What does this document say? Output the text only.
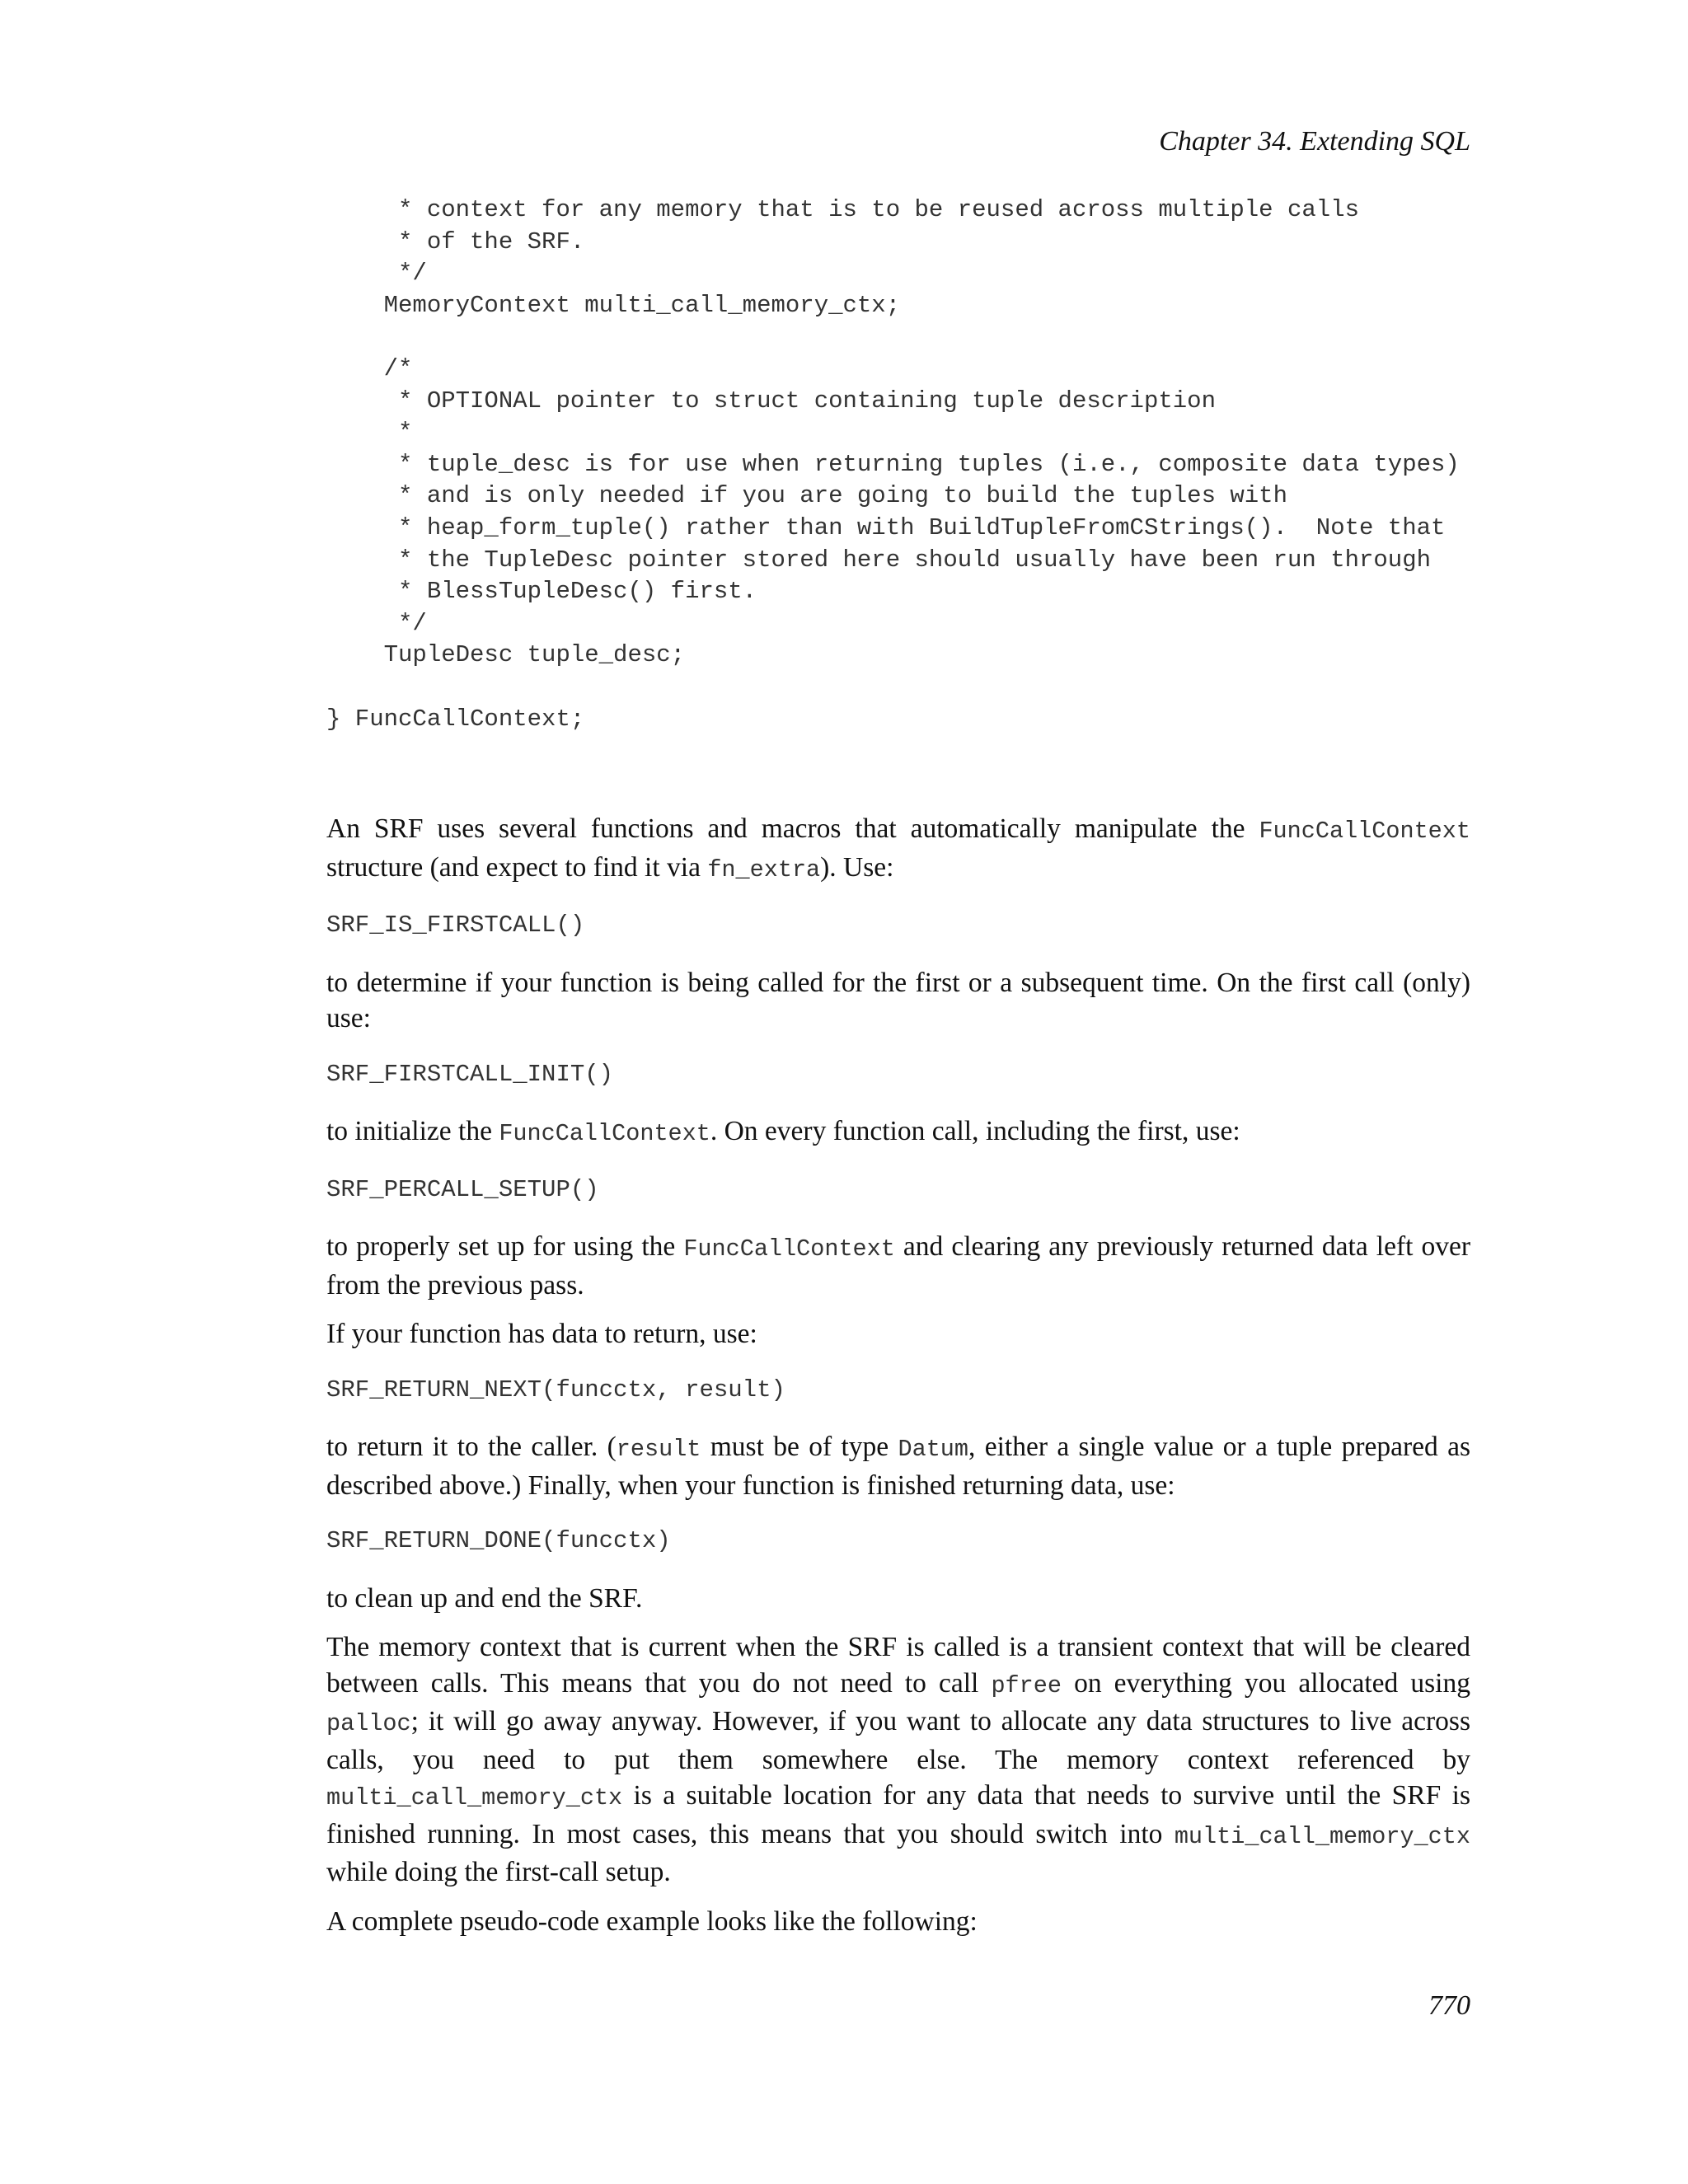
Chapter 34. Extending SQL
* context for any memory that is to be reused across multiple calls
* of the SRF.
*/
MemoryContext multi_call_memory_ctx;

/*
* OPTIONAL pointer to struct containing tuple description
*
* tuple_desc is for use when returning tuples (i.e., composite data types)
* and is only needed if you are going to build the tuples with
* heap_form_tuple() rather than with BuildTupleFromCStrings().  Note that
* the TupleDesc pointer stored here should usually have been run through
* BlessTupleDesc() first.
*/
TupleDesc tuple_desc;

} FuncCallContext;

An SRF uses several functions and macros that automatically manipulate the FuncCallContext structure (and expect to find it via fn_extra). Use:

SRF_IS_FIRSTCALL()

to determine if your function is being called for the first or a subsequent time. On the first call (only) use:

SRF_FIRSTCALL_INIT()

to initialize the FuncCallContext. On every function call, including the first, use:

SRF_PERCALL_SETUP()

to properly set up for using the FuncCallContext and clearing any previously returned data left over from the previous pass.

If your function has data to return, use:

SRF_RETURN_NEXT(funcctx, result)

to return it to the caller. (result must be of type Datum, either a single value or a tuple prepared as described above.) Finally, when your function is finished returning data, use:

SRF_RETURN_DONE(funcctx)

to clean up and end the SRF.

The memory context that is current when the SRF is called is a transient context that will be cleared between calls. This means that you do not need to call pfree on everything you allocated using palloc; it will go away anyway. However, if you want to allocate any data structures to live across calls, you need to put them somewhere else. The memory context referenced by multi_call_memory_ctx is a suitable location for any data that needs to survive until the SRF is finished running. In most cases, this means that you should switch into multi_call_memory_ctx while doing the first-call setup.

A complete pseudo-code example looks like the following:

770
